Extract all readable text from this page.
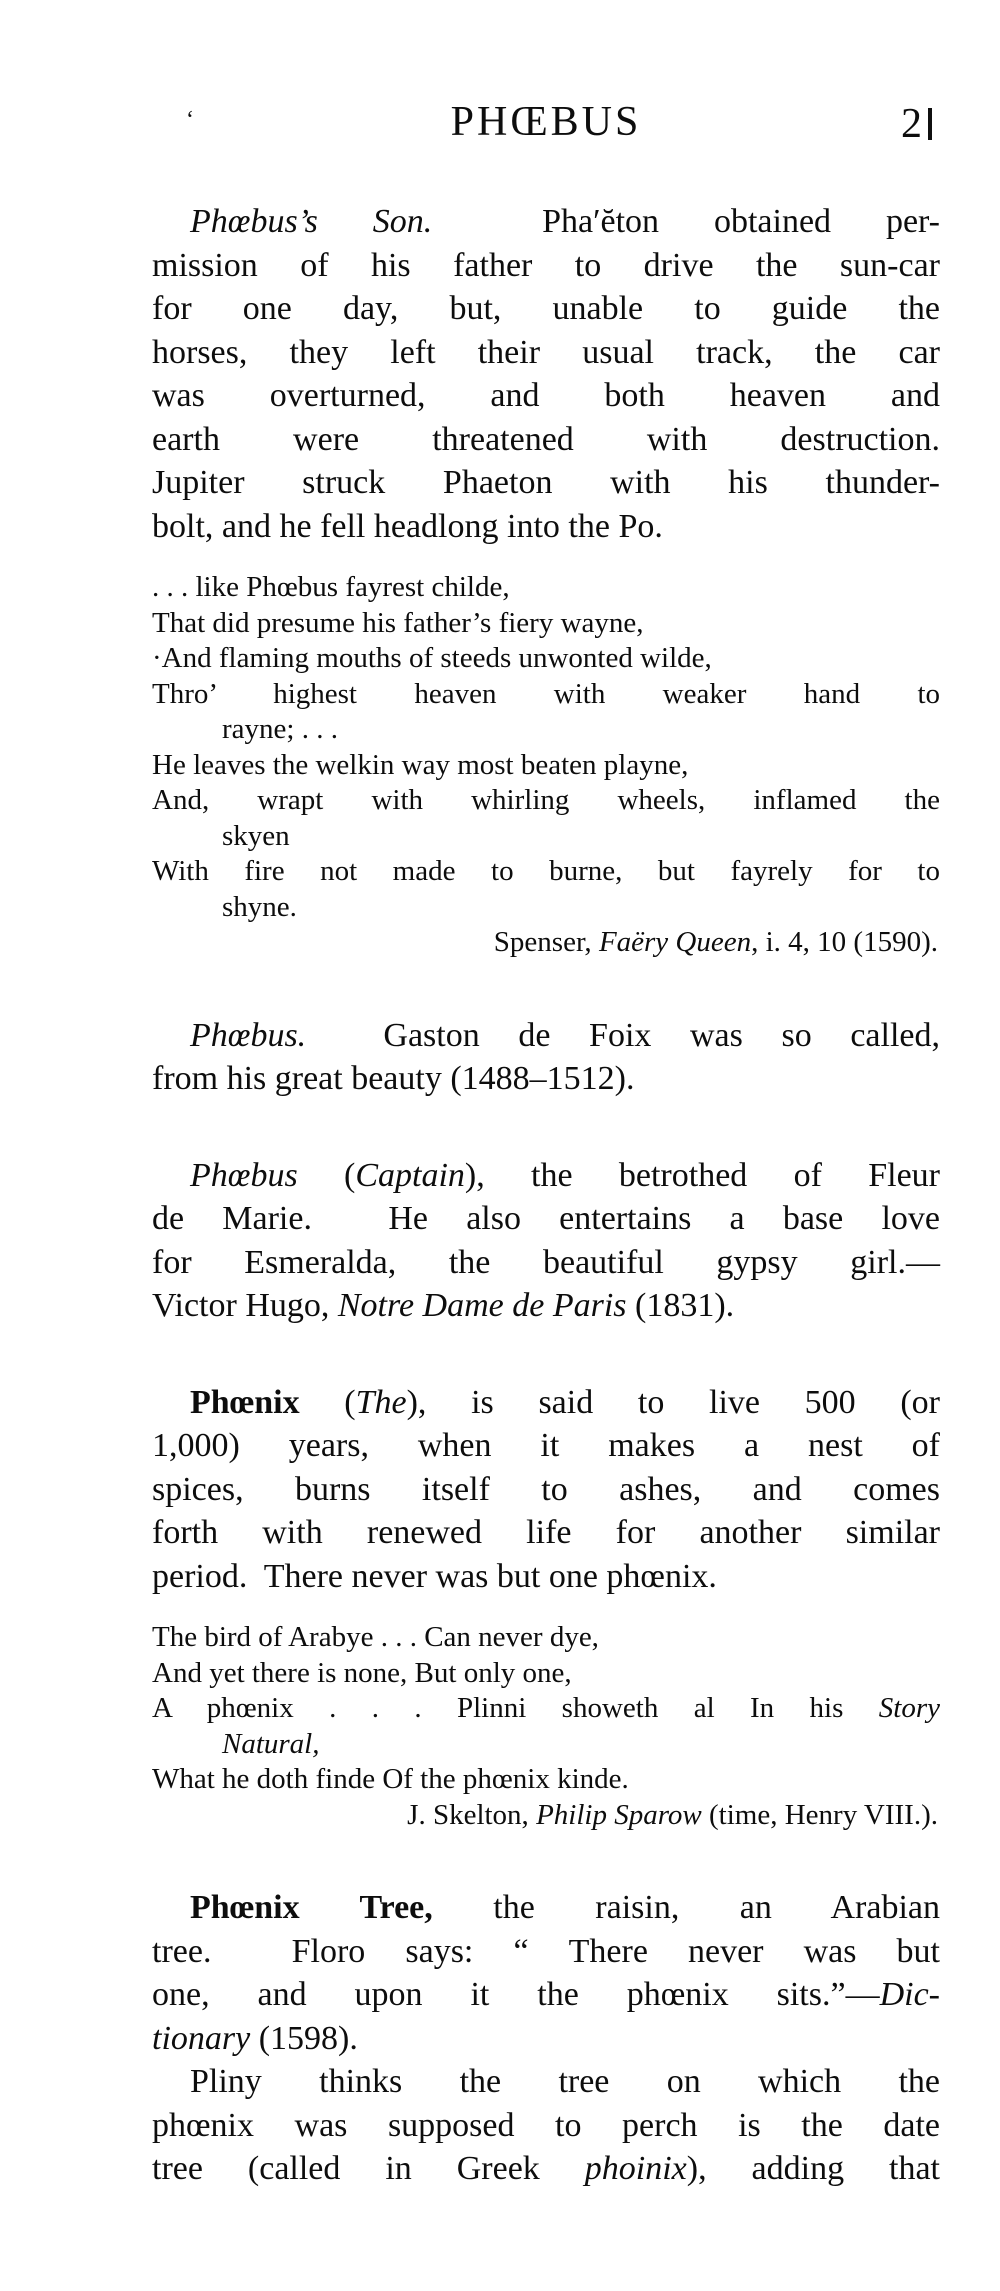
‘	PHŒBUS	2
Phœbus’s Son.  Pha′ĕton obtained per-
mission of his father to drive the sun-car
for one day, but, unable to guide the
horses, they left their usual track, the car
was overturned, and both heaven and
earth were threatened with destruction.
Jupiter struck Phaeton with his thunder-
bolt, and he fell headlong into the Po.
. . . like Phœbus fayrest childe,
That did presume his father’s fiery wayne,
·And flaming mouths of steeds unwonted wilde,
Thro’ highest heaven with weaker hand to
rayne; . . .
He leaves the welkin way most beaten playne,
And, wrapt with whirling wheels, inflamed the
skyen
With fire not made to burne, but fayrely for to
shyne.
Spenser, Faëry Queen, i. 4, 10 (1590).
Phœbus.  Gaston de Foix was so called,
from his great beauty (1488–1512).
Phœbus (Captain), the betrothed of Fleur
de Marie.  He also entertains a base love
for Esmeralda, the beautiful gypsy girl.—
Victor Hugo, Notre Dame de Paris (1831).
Phœnix (The), is said to live 500 (or
1,000) years, when it makes a nest of
spices, burns itself to ashes, and comes
forth with renewed life for another similar
period.  There never was but one phœnix.
The bird of Arabye . . . Can never dye,
And yet there is none, But only one,
A phœnix . . . Plinni showeth al In his Story
Natural,
What he doth finde Of the phœnix kinde.
J. Skelton, Philip Sparow (time, Henry VIII.).
Phœnix Tree, the raisin, an Arabian
tree.  Floro says: “ There never was but
one, and upon it the phœnix sits.”—Dic-
tionary (1598).
Pliny thinks the tree on which the
phœnix was supposed to perch is the date
tree (called in Greek phoinix), adding that
